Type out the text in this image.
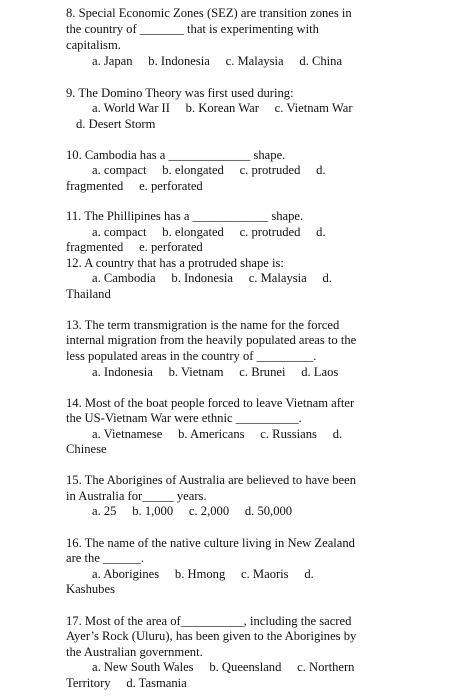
8. Special Economic Zones (SEZ) are transition zones in
the country of _______ that is experimenting with
capitalism.
a. Japan     b. Indonesia     c. Malaysia     d. China
9. The Domino Theory was first used during:
a. World War II     b. Korean War     c. Vietnam War
d. Desert Storm
10. Cambodia has a _____________ shape.
a. compact     b. elongated     c. protruded     d.
fragmented     e. perforated
11. The Phillipines has a ____________ shape.
a. compact     b. elongated     c. protruded     d.
fragmented     e. perforated
12. A country that has a protruded shape is:
a. Cambodia     b. Indonesia     c. Malaysia     d.
Thailand
13. The term transmigration is the name for the forced
internal migration from the heavily populated areas to the
less populated areas in the country of _________.
a. Indonesia     b. Vietnam     c. Brunei     d. Laos
14. Most of the boat people forced to leave Vietnam after
the US-Vietnam War were ethnic __________.
a. Vietnamese     b. Americans     c. Russians     d.
Chinese
15. The Aborigines of Australia are believed to have been
in Australia for_____ years.
a. 25     b. 1,000     c. 2,000     d. 50,000
16. The name of the native culture living in New Zealand
are the ______.
a. Aborigines     b. Hmong     c. Maoris     d.
Kashubes
17. Most of the area of__________, including the sacred
Ayer’s Rock (Uluru), has been given to the Aborigines by
the Australian government.
a. New South Wales     b. Queensland     c. Northern
Territory     d. Tasmania
